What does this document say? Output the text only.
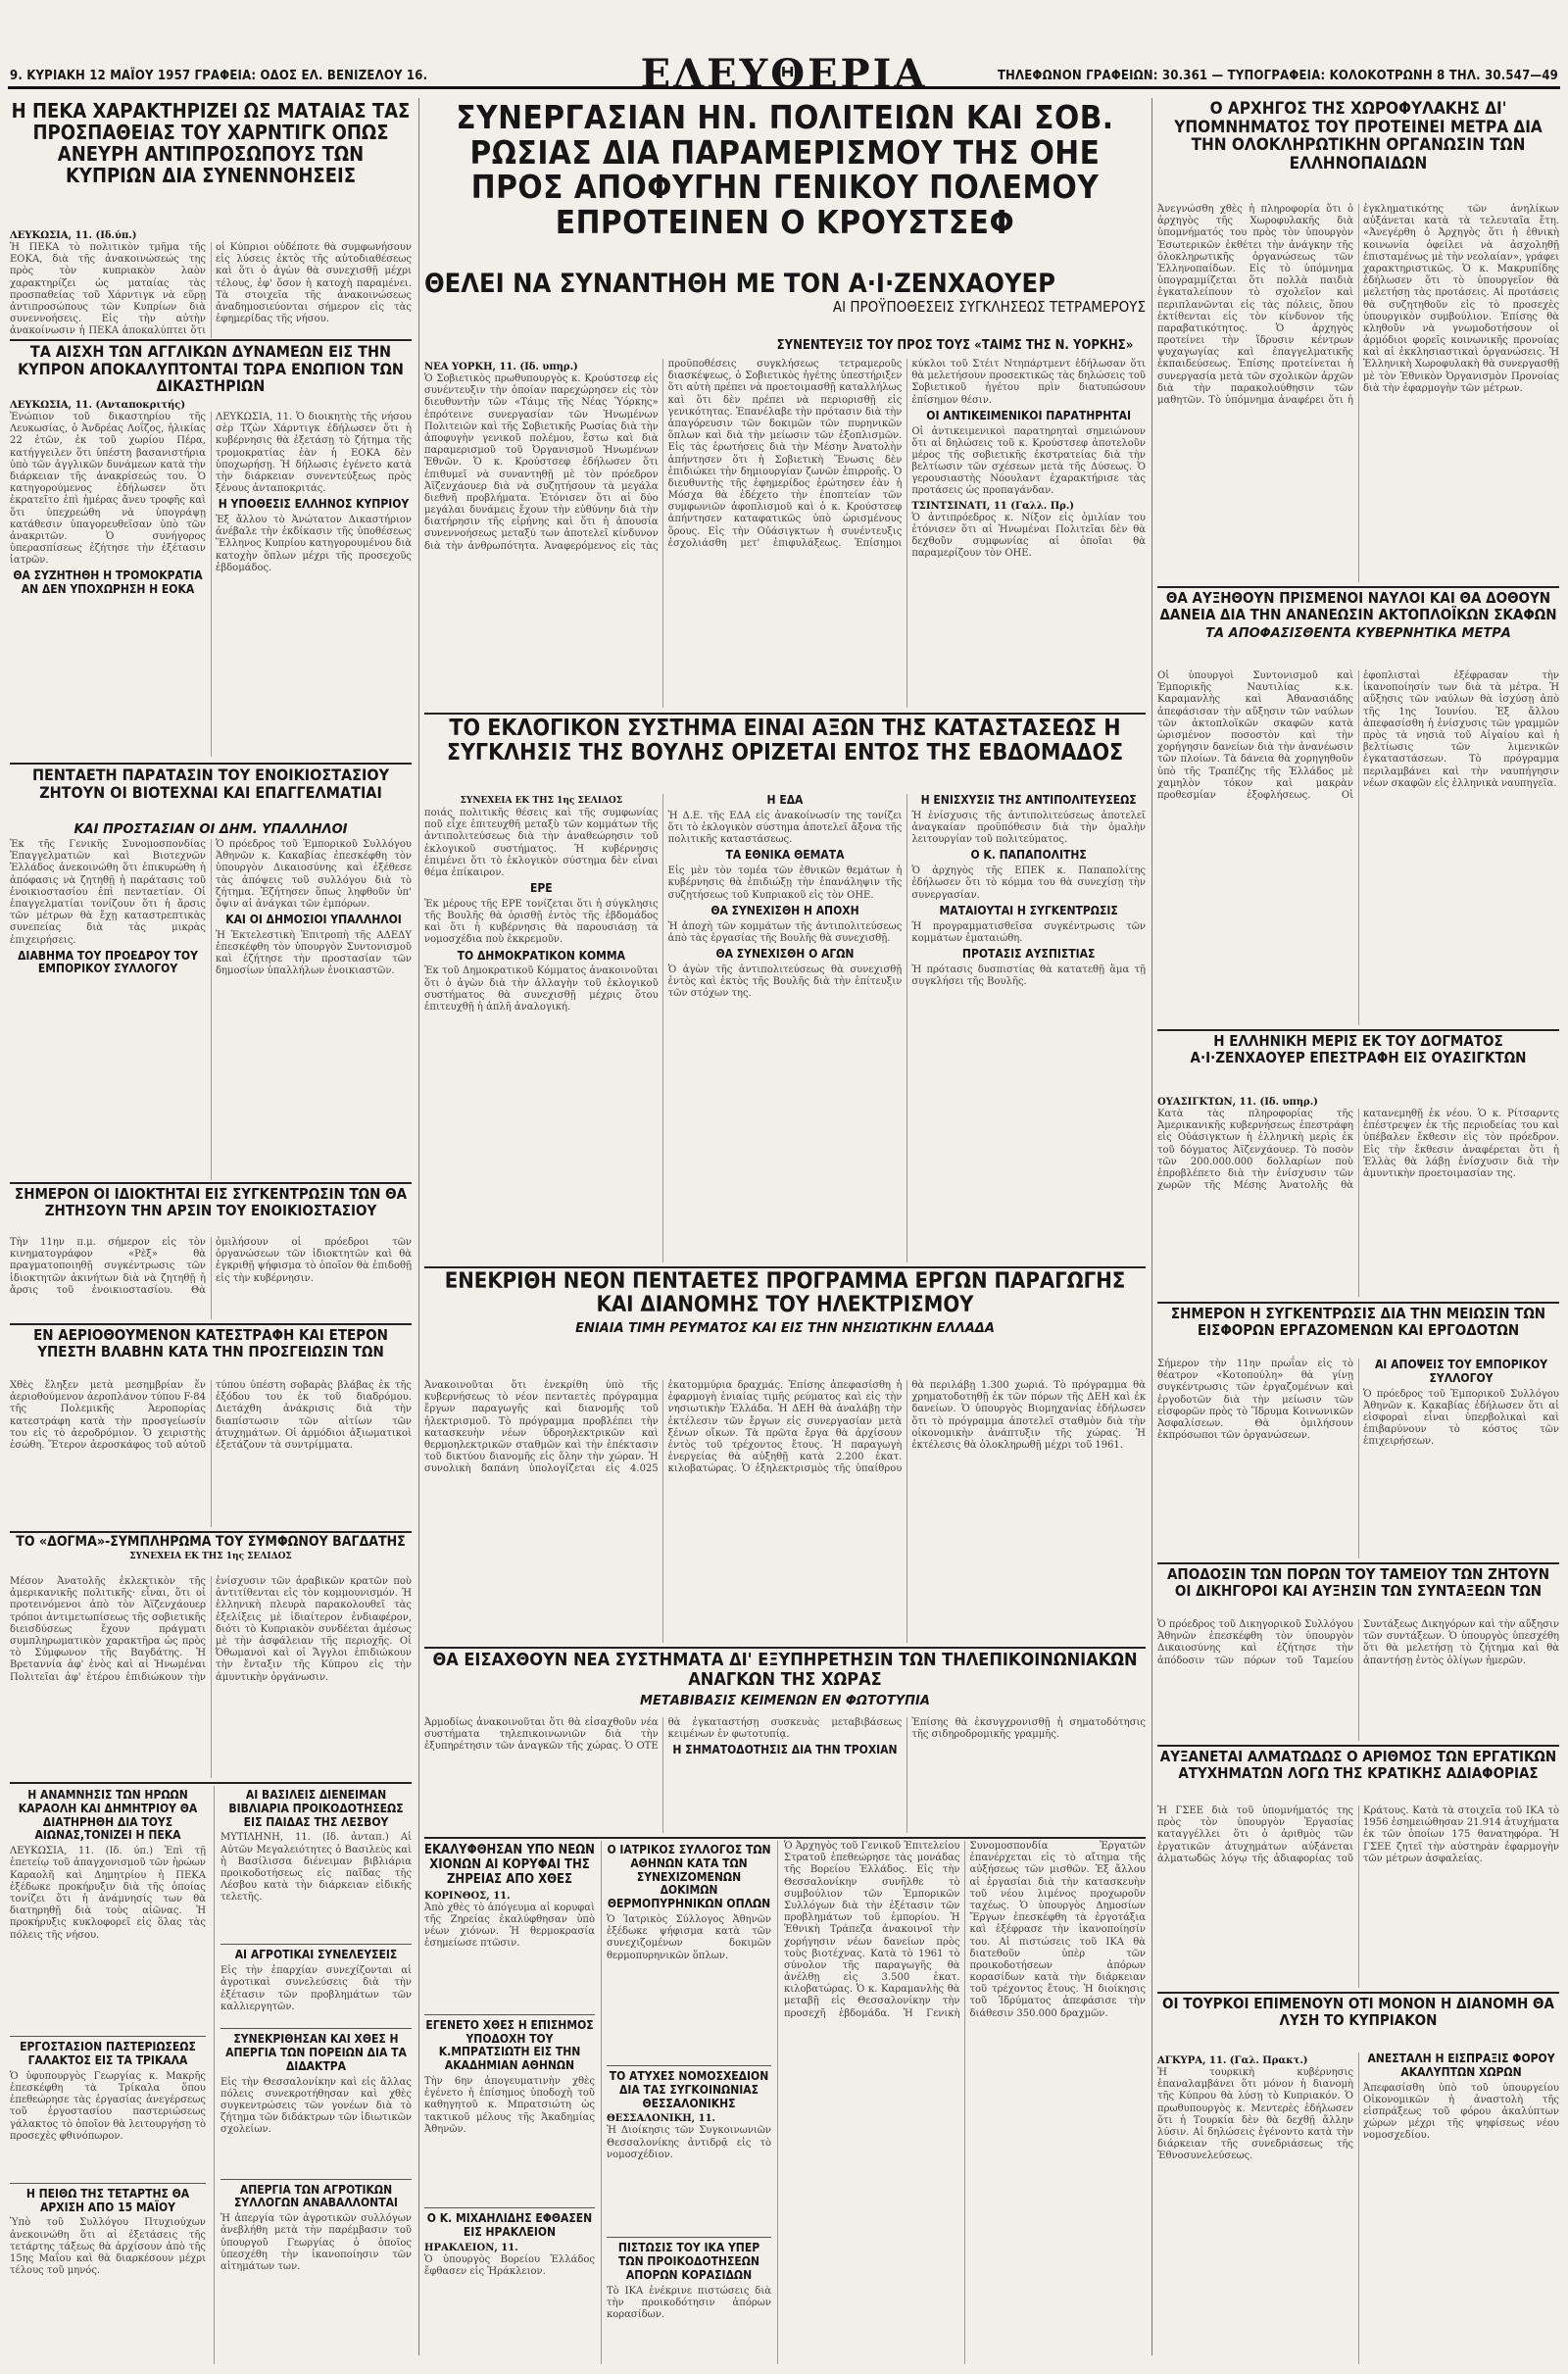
9. ΚΥΡΙΑΚΗ 12 ΜΑΪΟΥ 1957 ΓΡΑΦΕΙΑ: ΟΔΟΣ ΕΛ. ΒΕΝΙΖΕΛΟΥ 16.	ΕΛΕΥΘΕΡΙΑ	ΤΗΛΕΦΩΝΟΝ ΓΡΑΦΕΙΩΝ: 30.361 — ΤΥΠΟΓΡΑΦΕΙΑ: ΚΟΛΟΚΟΤΡΩΝΗ 8 ΤΗΛ. 30.547—49
Η ΠΕΚΑ ΧΑΡΑΚΤΗΡΙΖΕΙ ΩΣ ΜΑΤΑΙΑΣ ΤΑΣ ΠΡΟΣΠΑΘΕΙΑΣ ΤΟΥ ΧΑΡΝΤΙΓΚ ΟΠΩΣ ΑΝΕΥΡΗ ΑΝΤΙΠΡΟΣΩΠΟΥΣ ΤΩΝ ΚΥΠΡΙΩΝ ΔΙΑ ΣΥΝΕΝΝΟΗΣΕΙΣ
ΛΕΥΚΩΣΙΑ, 11. (Ιδ.ύπ.)
Ἡ ΠΕΚΑ τὸ πολιτικὸν τμῆμα τῆς ΕΟΚΑ, διὰ τῆς ἀνακοινώσεώς της πρὸς τὸν κυπριακὸν λαὸν χαρακτηρίζει ὡς ματαίας τὰς προσπαθείας τοῦ Χάρντιγκ νὰ εὕρῃ ἀντιπροσώπους τῶν Κυπρίων διὰ συνεννοήσεις. Εἰς τὴν αὐτὴν ἀνακοίνωσιν ἡ ΠΕΚΑ ἀποκαλύπτει ὅτι οἱ Κύπριοι οὐδέποτε θὰ συμφωνήσουν εἰς λύσεις ἐκτὸς τῆς αὐτοδιαθέσεως καὶ ὅτι ὁ ἀγὼν θὰ συνεχισθῇ μέχρι τέλους, ἐφ' ὅσον ἡ κατοχὴ παραμένει. Τὰ στοιχεῖα τῆς ἀνακοινώσεως ἀναδημοσιεύονται σήμερον εἰς τὰς ἐφημερίδας τῆς νήσου.
ΤΑ ΑΙΣΧΗ ΤΩΝ ΑΓΓΛΙΚΩΝ ΔΥΝΑΜΕΩΝ ΕΙΣ ΤΗΝ ΚΥΠΡΟΝ ΑΠΟΚΑΛΥΠΤΟΝΤΑΙ ΤΩΡΑ ΕΝΩΠΙΟΝ ΤΩΝ ΔΙΚΑΣΤΗΡΙΩΝ
ΛΕΥΚΩΣΙΑ, 11. (Ανταποκριτής)

Ἐνώπιον τοῦ δικαστηρίου τῆς Λευκωσίας, ὁ Ἀνδρέας Λοΐζος, ἡλικίας 22 ἐτῶν, ἐκ τοῦ χωρίου Πέρα, κατήγγειλεν ὅτι ὑπέστη βασανιστήρια ὑπὸ τῶν ἀγγλικῶν δυνάμεων κατὰ τὴν διάρκειαν τῆς ἀνακρίσεώς του. Ὁ κατηγορούμενος ἐδήλωσεν ὅτι ἐκρατεῖτο ἐπὶ ἡμέρας ἄνευ τροφῆς καὶ ὅτι ὑπεχρεώθη νὰ ὑπογράψῃ κατάθεσιν ὑπαγορευθεῖσαν ὑπὸ τῶν ἀνακριτῶν. Ὁ συνήγορος ὑπερασπίσεως ἐζήτησε τὴν ἐξέτασιν ἰατρῶν.

ΘΑ ΣΥΖΗΤΗΘΗ Η ΤΡΟΜΟΚΡΑΤΙΑ ΑΝ ΔΕΝ ΥΠΟΧΩΡΗΣΗ Η ΕΟΚΑ

ΛΕΥΚΩΣΙΑ, 11. Ὁ διοικητὴς τῆς νήσου σὲρ Τζὼν Χάρντιγκ ἐδήλωσεν ὅτι ἡ κυβέρνησις θὰ ἐξετάσῃ τὸ ζήτημα τῆς τρομοκρατίας ἐὰν ἡ ΕΟΚΑ δὲν ὑποχωρήσῃ. Ἡ δήλωσις ἐγένετο κατὰ τὴν διάρκειαν συνεντεύξεως πρὸς ξένους ἀνταποκριτάς.

Η ΥΠΟΘΕΣΙΣ ΕΛΛΗΝΟΣ ΚΥΠΡΙΟΥ

Ἐξ ἄλλου τὸ Ἀνώτατον Δικαστήριον ἀνέβαλε τὴν ἐκδίκασιν τῆς ὑποθέσεως Ἕλληνος Κυπρίου κατηγορουμένου διὰ κατοχὴν ὅπλων μέχρι τῆς προσεχοῦς ἑβδομάδος.

ΠΕΝΤΑΕΤΗ ΠΑΡΑΤΑΣΙΝ ΤΟΥ ΕΝΟΙΚΙΟΣΤΑΣΙΟΥ ΖΗΤΟΥΝ ΟΙ ΒΙΟΤΕΧΝΑΙ ΚΑΙ ΕΠΑΓΓΕΛΜΑΤΙΑΙ
ΚΑΙ ΠΡΟΣΤΑΣΙΑΝ ΟΙ ΔΗΜ. ΥΠΑΛΛΗΛΟΙ

Ἐκ τῆς Γενικῆς Συνομοσπονδίας Ἐπαγγελματιῶν καὶ Βιοτεχνῶν Ἑλλάδος ἀνεκοινώθη ὅτι ἐπικυρώθη ἡ ἀπόφασις νὰ ζητηθῇ ἡ παράτασις τοῦ ἐνοικιοστασίου ἐπὶ πενταετίαν. Οἱ ἐπαγγελματίαι τονίζουν ὅτι ἡ ἄρσις τῶν μέτρων θὰ ἔχῃ καταστρεπτικὰς συνεπείας διὰ τὰς μικρὰς ἐπιχειρήσεις.

ΔΙΑΒΗΜΑ ΤΟΥ ΠΡΟΕΔΡΟΥ ΤΟΥ ΕΜΠΟΡΙΚΟΥ ΣΥΛΛΟΓΟΥ

Ὁ πρόεδρος τοῦ Ἐμπορικοῦ Συλλόγου Ἀθηνῶν κ. Κακαβίας ἐπεσκέφθη τὸν ὑπουργὸν Δικαιοσύνης καὶ ἐξέθεσε τὰς ἀπόψεις τοῦ συλλόγου διὰ τὸ ζήτημα. Ἐζήτησεν ὅπως ληφθοῦν ὑπ' ὄψιν αἱ ἀνάγκαι τῶν ἐμπόρων.

ΚΑΙ ΟΙ ΔΗΜΟΣΙΟΙ ΥΠΑΛΛΗΛΟΙ

Ἡ Ἐκτελεστικὴ Ἐπιτροπὴ τῆς ΑΔΕΔΥ ἐπεσκέφθη τὸν ὑπουργὸν Συντονισμοῦ καὶ ἐζήτησε τὴν προστασίαν τῶν δημοσίων ὑπαλλήλων ἐνοικιαστῶν.

ΣΗΜΕΡΟΝ ΟΙ ΙΔΙΟΚΤΗΤΑΙ ΕΙΣ ΣΥΓΚΕΝΤΡΩΣΙΝ ΤΩΝ ΘΑ ΖΗΤΗΣΟΥΝ ΤΗΝ ΑΡΣΙΝ ΤΟΥ ΕΝΟΙΚΙΟΣΤΑΣΙΟΥ
Τὴν 11ην π.μ. σήμερον εἰς τὸν κινηματογράφον «Ρὲξ» θὰ πραγματοποιηθῇ συγκέντρωσις τῶν ἰδιοκτητῶν ἀκινήτων διὰ νὰ ζητηθῇ ἡ ἄρσις τοῦ ἐνοικιοστασίου. Θὰ ὁμιλήσουν οἱ πρόεδροι τῶν ὀργανώσεων τῶν ἰδιοκτητῶν καὶ θὰ ἐγκριθῇ ψήφισμα τὸ ὁποῖον θὰ ἐπιδοθῇ εἰς τὴν κυβέρνησιν.
ΕΝ ΑΕΡΙΟΘΟΥΜΕΝΟΝ ΚΑΤΕΣΤΡΑΦΗ ΚΑΙ ΕΤΕΡΟΝ ΥΠΕΣΤΗ ΒΛΑΒΗΝ ΚΑΤΑ ΤΗΝ ΠΡΟΣΓΕΙΩΣΙΝ ΤΩΝ
Χθὲς ἔληξεν μετὰ μεσημβρίαν ἕν ἀεριοθούμενον ἀεροπλάνον τύπου F-84 τῆς Πολεμικῆς Ἀεροπορίας κατεστράφη κατὰ τὴν προσγείωσίν του εἰς τὸ ἀεροδρόμιον. Ὁ χειριστὴς ἐσώθη. Ἕτερον ἀεροσκάφος τοῦ αὐτοῦ τύπου ὑπέστη σοβαρὰς βλάβας ἐκ τῆς ἐξόδου του ἐκ τοῦ διαδρόμου. Διετάχθη ἀνάκρισις διὰ τὴν διαπίστωσιν τῶν αἰτίων τῶν ἀτυχημάτων. Οἱ ἀρμόδιοι ἀξιωματικοὶ ἐξετάζουν τὰ συντρίμματα.
ΤΟ «ΔΟΓΜΑ»-ΣΥΜΠΛΗΡΩΜΑ ΤΟΥ ΣΥΜΦΩΝΟΥ ΒΑΓΔΑΤΗΣ
ΣΥΝΕΧΕΙΑ ΕΚ ΤΗΣ 1ης ΣΕΛΙΔΟΣ
Μέσον Ἀνατολῆς ἐκλεκτικὸν τῆς ἀμερικανικῆς πολιτικῆς· εἶναι, ὅτι οἱ προτεινόμενοι ἀπὸ τὸν Ἀϊζενχάουερ τρόποι ἀντιμετωπίσεως τῆς σοβιετικῆς διεισδύσεως ἔχουν πράγματι συμπληρωματικὸν χαρακτῆρα ὡς πρὸς τὸ Σύμφωνον τῆς Βαγδάτης. Ἡ Βρεταννία ἀφ' ἑνὸς καὶ αἱ Ἡνωμέναι Πολιτεῖαι ἀφ' ἑτέρου ἐπιδιώκουν τὴν ἐνίσχυσιν τῶν ἀραβικῶν κρατῶν ποὺ ἀντιτίθενται εἰς τὸν κομμουνισμόν. Ἡ ἑλληνικὴ πλευρὰ παρακολουθεῖ τὰς ἐξελίξεις μὲ ἰδιαίτερον ἐνδιαφέρον, διότι τὸ Κυπριακὸν συνδέεται ἀμέσως μὲ τὴν ἀσφάλειαν τῆς περιοχῆς. Οἱ Ὀθωμανοὶ καὶ οἱ Ἄγγλοι ἐπιδιώκουν τὴν ἔνταξιν τῆς Κύπρου εἰς τὴν ἀμυντικὴν ὀργάνωσιν.
Η ΑΝΑΜΝΗΣΙΣ ΤΩΝ ΗΡΩΩΝ ΚΑΡΑΟΛΗ ΚΑΙ ΔΗΜΗΤΡΙΟΥ ΘΑ ΔΙΑΤΗΡΗΘΗ ΔΙΑ ΤΟΥΣ ΑΙΩΝΑΣ,ΤΟΝΙΖΕΙ Η ΠΕΚΑ
ΛΕΥΚΩΣΙΑ, 11. (Ιδ. ύπ.) Ἐπὶ τῇ ἐπετείῳ τοῦ ἀπαγχονισμοῦ τῶν ἡρώων Καραολῆ καὶ Δημητρίου ἡ ΠΕΚΑ ἐξέδωκε προκήρυξιν διὰ τῆς ὁποίας τονίζει ὅτι ἡ ἀνάμνησίς των θὰ διατηρηθῇ διὰ τοὺς αἰῶνας. Ἡ προκήρυξις κυκλοφορεῖ εἰς ὅλας τὰς πόλεις τῆς νήσου.
ΕΡΓΟΣΤΑΣΙΟΝ ΠΑΣΤΕΡΙΩΣΕΩΣ ΓΑΛΑΚΤΟΣ ΕΙΣ ΤΑ ΤΡΙΚΑΛΑ
Ὁ ὑφυπουργὸς Γεωργίας κ. Μακρῆς ἐπεσκέφθη τὰ Τρίκαλα ὅπου ἐπεθεώρησε τὰς ἐργασίας ἀνεγέρσεως τοῦ ἐργοστασίου παστεριώσεως γάλακτος τὸ ὁποῖον θὰ λειτουργήσῃ τὸ προσεχὲς φθινόπωρον.
Η ΠΕΙΘΩ ΤΗΣ ΤΕΤΑΡΤΗΣ ΘΑ ΑΡΧΙΣΗ ΑΠΟ 15 ΜΑΪΟΥ
Ὑπὸ τοῦ Συλλόγου Πτυχιούχων ἀνεκοινώθη ὅτι αἱ ἐξετάσεις τῆς τετάρτης τάξεως θὰ ἀρχίσουν ἀπὸ τῆς 15ης Μαΐου καὶ θὰ διαρκέσουν μέχρι τέλους τοῦ μηνός.
ΑΙ ΒΑΣΙΛΕΙΣ ΔΙΕΝΕΙΜΑΝ ΒΙΒΛΙΑΡΙΑ ΠΡΟΙΚΟΔΟΤΗΣΕΩΣ ΕΙΣ ΠΑΙΔΑΣ ΤΗΣ ΛΕΣΒΟΥ
ΜΥΤΙΛΗΝΗ, 11. (Ιδ. ἀνταπ.) Αἱ Αὐτῶν Μεγαλειότητες ὁ Βασιλεὺς καὶ ἡ Βασίλισσα διένειμαν βιβλιάρια προικοδοτήσεως εἰς παῖδας τῆς Λέσβου κατὰ τὴν διάρκειαν εἰδικῆς τελετῆς.
ΑΙ ΑΓΡΟΤΙΚΑΙ ΣΥΝΕΛΕΥΣΕΙΣ
Εἰς τὴν ἐπαρχίαν συνεχίζονται αἱ ἀγροτικαὶ συνελεύσεις διὰ τὴν ἐξέτασιν τῶν προβλημάτων τῶν καλλιεργητῶν.
ΣΥΝΕΚΡΙΘΗΣΑΝ ΚΑΙ ΧΘΕΣ Η ΑΠΕΡΓΙΑ ΤΩΝ ΠΟΡΕΙΩΝ ΔΙΑ ΤΑ ΔΙΔΑΚΤΡΑ
Εἰς τὴν Θεσσαλονίκην καὶ εἰς ἄλλας πόλεις συνεκροτήθησαν καὶ χθὲς συγκεντρώσεις τῶν γονέων διὰ τὸ ζήτημα τῶν διδάκτρων τῶν ἰδιωτικῶν σχολείων.
ΑΠΕΡΓΙΑ ΤΩΝ ΑΓΡΟΤΙΚΩΝ ΣΥΛΛΟΓΩΝ ΑΝΑΒΑΛΛΟΝΤΑΙ
Ἡ ἀπεργία τῶν ἀγροτικῶν συλλόγων ἀνεβλήθη μετὰ τὴν παρέμβασιν τοῦ ὑπουργοῦ Γεωργίας ὁ ὁποῖος ὑπεσχέθη τὴν ἱκανοποίησιν τῶν αἰτημάτων των.
ΣΥΝΕΡΓΑΣΙΑΝ ΗΝ. ΠΟΛΙΤΕΙΩΝ ΚΑΙ ΣΟΒ. ΡΩΣΙΑΣ ΔΙΑ ΠΑΡΑΜΕΡΙΣΜΟΥ ΤΗΣ ΟΗΕ ΠΡΟΣ ΑΠΟΦΥΓΗΝ ΓΕΝΙΚΟΥ ΠΟΛΕΜΟΥ ΕΠΡΟΤΕΙΝΕΝ Ο ΚΡΟΥΣΤΣΕΦ
ΘΕΛΕΙ ΝΑ ΣΥΝΑΝΤΗΘΗ ΜΕ ΤΟΝ Α·Ι·ΖΕΝΧΑΟΥΕΡ
ΑΙ ΠΡΟΫΠΟΘΕΣΕΙΣ ΣΥΓΚΛΗΣΕΩΣ ΤΕΤΡΑΜΕΡΟΥΣ
ΣΥΝΕΝΤΕΥΞΙΣ ΤΟΥ ΠΡΟΣ ΤΟΥΣ «ΤΑΙΜΣ ΤΗΣ Ν. ΥΟΡΚΗΣ»
ΝΕΑ ΥΟΡΚΗ, 11. (Ιδ. υπηρ.)

Ὁ Σοβιετικὸς πρωθυπουργὸς κ. Κρούστσεφ εἰς συνέντευξιν τὴν ὁποίαν παρεχώρησεν εἰς τὸν διευθυντὴν τῶν «Τάιμς τῆς Νέας Ὑόρκης» ἐπρότεινε συνεργασίαν τῶν Ἡνωμένων Πολιτειῶν καὶ τῆς Σοβιετικῆς Ρωσίας διὰ τὴν ἀποφυγὴν γενικοῦ πολέμου, ἔστω καὶ διὰ παραμερισμοῦ τοῦ Ὀργανισμοῦ Ἡνωμένων Ἐθνῶν. Ὁ κ. Κρούστσεφ ἐδήλωσεν ὅτι ἐπιθυμεῖ νὰ συναντηθῇ μὲ τὸν πρόεδρον Ἀϊζενχάουερ διὰ νὰ συζητήσουν τὰ μεγάλα διεθνῆ προβλήματα. Ἐτόνισεν ὅτι αἱ δύο μεγάλαι δυνάμεις ἔχουν τὴν εὐθύνην διὰ τὴν διατήρησιν τῆς εἰρήνης καὶ ὅτι ἡ ἀπουσία συνεννοήσεως μεταξύ των ἀποτελεῖ κίνδυνον διὰ τὴν ἀνθρωπότητα. Ἀναφερόμενος εἰς τὰς προϋποθέσεις συγκλήσεως τετραμεροῦς διασκέψεως, ὁ Σοβιετικὸς ἡγέτης ὑπεστήριξεν ὅτι αὐτὴ πρέπει νὰ προετοιμασθῇ καταλλήλως καὶ ὅτι δὲν πρέπει νὰ περιορισθῇ εἰς γενικότητας. Ἐπανέλαβε τὴν πρότασιν διὰ τὴν ἀπαγόρευσιν τῶν δοκιμῶν τῶν πυρηνικῶν ὅπλων καὶ διὰ τὴν μείωσιν τῶν ἐξοπλισμῶν. Εἰς τὰς ἐρωτήσεις διὰ τὴν Μέσην Ἀνατολὴν ἀπήντησεν ὅτι ἡ Σοβιετικὴ Ἕνωσις δὲν ἐπιδιώκει τὴν δημιουργίαν ζωνῶν ἐπιρροῆς. Ὁ διευθυντὴς τῆς ἐφημερίδος ἐρώτησεν ἐὰν ἡ Μόσχα θὰ ἐδέχετο τὴν ἐποπτείαν τῶν συμφωνιῶν ἀφοπλισμοῦ καὶ ὁ κ. Κρούστσεφ ἀπήντησεν καταφατικῶς ὑπὸ ὡρισμένους ὅρους. Εἰς τὴν Οὐάσιγκτων ἡ συνέντευξις ἐσχολιάσθη μετ' ἐπιφυλάξεως. Ἐπίσημοι κύκλοι τοῦ Στέιτ Ντηπάρτμεντ ἐδήλωσαν ὅτι θὰ μελετήσουν προσεκτικῶς τὰς δηλώσεις τοῦ Σοβιετικοῦ ἡγέτου πρὶν διατυπώσουν ἐπίσημον θέσιν.

ΟΙ ΑΝΤΙΚΕΙΜΕΝΙΚΟΙ ΠΑΡΑΤΗΡΗΤΑΙ

Οἱ ἀντικειμενικοὶ παρατηρηταὶ σημειώνουν ὅτι αἱ δηλώσεις τοῦ κ. Κρούστσεφ ἀποτελοῦν μέρος τῆς σοβιετικῆς ἐκστρατείας διὰ τὴν βελτίωσιν τῶν σχέσεων μετὰ τῆς Δύσεως. Ὁ γερουσιαστὴς Νόουλαντ ἐχαρακτήρισε τὰς προτάσεις ὡς προπαγάνδαν.

ΤΣΙΝΤΣΙΝΑΤΙ, 11 (Γαλλ. Πρ.)

Ὁ ἀντιπρόεδρος κ. Νίξον εἰς ὁμιλίαν του ἐτόνισεν ὅτι αἱ Ἡνωμέναι Πολιτεῖαι δὲν θὰ δεχθοῦν συμφωνίας αἱ ὁποῖαι θὰ παραμερίζουν τὸν ΟΗΕ.

Ο ΑΡΧΗΓΟΣ ΤΗΣ ΧΩΡΟΦΥΛΑΚΗΣ ΔΙ' ΥΠΟΜΝΗΜΑΤΟΣ ΤΟΥ ΠΡΟΤΕΙΝΕΙ ΜΕΤΡΑ ΔΙΑ ΤΗΝ ΟΛΟΚΛΗΡΩΤΙΚΗΝ ΟΡΓΑΝΩΣΙΝ ΤΩΝ ΕΛΛΗΝΟΠΑΙΔΩΝ
Ἀνεγνώσθη χθὲς ἡ πληροφορία ὅτι ὁ ἀρχηγὸς τῆς Χωροφυλακῆς διὰ ὑπομνήματός του πρὸς τὸν ὑπουργὸν Ἐσωτερικῶν ἐκθέτει τὴν ἀνάγκην τῆς ὁλοκληρωτικῆς ὀργανώσεως τῶν Ἑλληνοπαίδων. Εἰς τὸ ὑπόμνημα ὑπογραμμίζεται ὅτι πολλὰ παιδιὰ ἐγκαταλείπουν τὸ σχολεῖον καὶ περιπλανῶνται εἰς τὰς πόλεις, ὅπου ἐκτίθενται εἰς τὸν κίνδυνον τῆς παραβατικότητος. Ὁ ἀρχηγὸς προτείνει τὴν ἵδρυσιν κέντρων ψυχαγωγίας καὶ ἐπαγγελματικῆς ἐκπαιδεύσεως. Ἐπίσης προτείνεται ἡ συνεργασία μετὰ τῶν σχολικῶν ἀρχῶν διὰ τὴν παρακολούθησιν τῶν μαθητῶν. Τὸ ὑπόμνημα ἀναφέρει ὅτι ἡ ἐγκληματικότης τῶν ἀνηλίκων αὐξάνεται κατὰ τὰ τελευταῖα ἔτη. «Ἀνεγέρθη ὁ Ἀρχηγὸς ὅτι ἡ ἐθνικὴ κοινωνία ὀφείλει νὰ ἀσχοληθῇ ἐπισταμένως μὲ τὴν νεολαίαν», γράφει χαρακτηριστικῶς. Ὁ κ. Μακρυπίδης ἐδήλωσεν ὅτι τὸ ὑπουργεῖον θὰ μελετήσῃ τὰς προτάσεις. Αἱ προτάσεις θὰ συζητηθοῦν εἰς τὸ προσεχὲς ὑπουργικὸν συμβούλιον. Ἐπίσης θὰ κληθοῦν νὰ γνωμοδοτήσουν οἱ ἀρμόδιοι φορεῖς κοινωνικῆς προνοίας καὶ αἱ ἐκκλησιαστικαὶ ὀργανώσεις. Ἡ Ἑλληνικὴ Χωροφυλακὴ θὰ συνεργασθῇ μὲ τὸν Ἐθνικὸν Ὀργανισμὸν Προνοίας διὰ τὴν ἐφαρμογὴν τῶν μέτρων.
ΘΑ ΑΥΞΗΘΟΥΝ ΠΡΙΣΜΕΝΟΙ ΝΑΥΛΟΙ ΚΑΙ ΘΑ ΔΟΘΟΥΝ ΔΑΝΕΙΑ ΔΙΑ ΤΗΝ ΑΝΑΝΕΩΣΙΝ ΑΚΤΟΠΛΟΪΚΩΝ ΣΚΑΦΩΝ
ΤΑ ΑΠΟΦΑΣΙΣΘΕΝΤΑ ΚΥΒΕΡΝΗΤΙΚΑ ΜΕΤΡΑ
Οἱ ὑπουργοὶ Συντονισμοῦ καὶ Ἐμπορικῆς Ναυτιλίας κ.κ. Καραμανλὴς καὶ Ἀθανασιάδης ἀπεφάσισαν τὴν αὔξησιν τῶν ναύλων τῶν ἀκτοπλοϊκῶν σκαφῶν κατὰ ὡρισμένον ποσοστὸν καὶ τὴν χορήγησιν δανείων διὰ τὴν ἀνανέωσιν τῶν πλοίων. Τὰ δάνεια θὰ χορηγηθοῦν ὑπὸ τῆς Τραπέζης τῆς Ἑλλάδος μὲ χαμηλὸν τόκον καὶ μακρὰν προθεσμίαν ἐξοφλήσεως. Οἱ ἐφοπλισταὶ ἐξέφρασαν τὴν ἱκανοποίησίν των διὰ τὰ μέτρα. Ἡ αὔξησις τῶν ναύλων θὰ ἰσχύσῃ ἀπὸ τῆς 1ης Ἰουνίου. Ἐξ ἄλλου ἀπεφασίσθη ἡ ἐνίσχυσις τῶν γραμμῶν πρὸς τὰ νησιὰ τοῦ Αἰγαίου καὶ ἡ βελτίωσις τῶν λιμενικῶν ἐγκαταστάσεων. Τὸ πρόγραμμα περιλαμβάνει καὶ τὴν ναυπήγησιν νέων σκαφῶν εἰς ἑλληνικὰ ναυπηγεῖα.
Η ΕΛΛΗΝΙΚΗ ΜΕΡΙΣ ΕΚ ΤΟΥ ΔΟΓΜΑΤΟΣ Α·Ι·ΖΕΝΧΑΟΥΕΡ ΕΠΕΣΤΡΑΦΗ ΕΙΣ ΟΥΑΣΙΓΚΤΩΝ
ΟΥΑΣΙΓΚΤΩΝ, 11. (Ιδ. υπηρ.)
Κατὰ τὰς πληροφορίας τῆς Ἀμερικανικῆς κυβερνήσεως ἐπεστράφη εἰς Οὐάσιγκτων ἡ ἑλληνικὴ μερὶς ἐκ τοῦ δόγματος Ἀϊζενχάουερ. Τὸ ποσὸν τῶν 200.000.000 δολλαρίων ποὺ ἐπροβλέπετο διὰ τὴν ἐνίσχυσιν τῶν χωρῶν τῆς Μέσης Ἀνατολῆς θὰ κατανεμηθῇ ἐκ νέου. Ὁ κ. Ρίτσαρντς ἐπέστρεψεν ἐκ τῆς περιοδείας του καὶ ὑπέβαλεν ἔκθεσιν εἰς τὸν πρόεδρον. Εἰς τὴν ἔκθεσιν ἀναφέρεται ὅτι ἡ Ἑλλὰς θὰ λάβῃ ἐνίσχυσιν διὰ τὴν ἀμυντικὴν προετοιμασίαν της.
ΣΗΜΕΡΟΝ Η ΣΥΓΚΕΝΤΡΩΣΙΣ ΔΙΑ ΤΗΝ ΜΕΙΩΣΙΝ ΤΩΝ ΕΙΣΦΟΡΩΝ ΕΡΓΑΖΟΜΕΝΩΝ ΚΑΙ ΕΡΓΟΔΟΤΩΝ

Σήμερον τὴν 11ην πρωΐαν εἰς τὸ θέατρον «Κοτοπούλη» θὰ γίνῃ συγκέντρωσις τῶν ἐργαζομένων καὶ ἐργοδοτῶν διὰ τὴν μείωσιν τῶν εἰσφορῶν πρὸς τὸ Ἵδρυμα Κοινωνικῶν Ἀσφαλίσεων. Θὰ ὁμιλήσουν ἐκπρόσωποι τῶν ὀργανώσεων.

ΑΙ ΑΠΟΨΕΙΣ ΤΟΥ ΕΜΠΟΡΙΚΟΥ ΣΥΛΛΟΓΟΥ

Ὁ πρόεδρος τοῦ Ἐμπορικοῦ Συλλόγου Ἀθηνῶν κ. Κακαβίας ἐδήλωσεν ὅτι αἱ εἰσφοραὶ εἶναι ὑπερβολικαὶ καὶ ἐπιβαρύνουν τὸ κόστος τῶν ἐπιχειρήσεων.

ΑΠΟΔΟΣΙΝ ΤΩΝ ΠΟΡΩΝ ΤΟΥ ΤΑΜΕΙΟΥ ΤΩΝ ΖΗΤΟΥΝ ΟΙ ΔΙΚΗΓΟΡΟΙ ΚΑΙ ΑΥΞΗΣΙΝ ΤΩΝ ΣΥΝΤΑΞΕΩΝ ΤΩΝ
Ὁ πρόεδρος τοῦ Δικηγορικοῦ Συλλόγου Ἀθηνῶν ἐπεσκέφθη τὸν ὑπουργὸν Δικαιοσύνης καὶ ἐζήτησε τὴν ἀπόδοσιν τῶν πόρων τοῦ Ταμείου Συντάξεως Δικηγόρων καὶ τὴν αὔξησιν τῶν συντάξεων. Ὁ ὑπουργὸς ὑπεσχέθη ὅτι θὰ μελετήσῃ τὸ ζήτημα καὶ θὰ ἀπαντήσῃ ἐντὸς ὀλίγων ἡμερῶν.
ΑΥΞΑΝΕΤΑΙ ΑΛΜΑΤΩΔΩΣ Ο ΑΡΙΘΜΟΣ ΤΩΝ ΕΡΓΑΤΙΚΩΝ ΑΤΥΧΗΜΑΤΩΝ ΛΟΓΩ ΤΗΣ ΚΡΑΤΙΚΗΣ ΑΔΙΑΦΟΡΙΑΣ
Ἡ ΓΣΕΕ διὰ τοῦ ὑπομνήματός της πρὸς τὸν ὑπουργὸν Ἐργασίας καταγγέλλει ὅτι ὁ ἀριθμὸς τῶν ἐργατικῶν ἀτυχημάτων αὐξάνεται ἀλματωδῶς λόγῳ τῆς ἀδιαφορίας τοῦ Κράτους. Κατὰ τὰ στοιχεῖα τοῦ ΙΚΑ τὸ 1956 ἐσημειώθησαν 21.914 ἀτυχήματα ἐκ τῶν ὁποίων 175 θανατηφόρα. Ἡ ΓΣΕΕ ζητεῖ τὴν αὐστηρὰν ἐφαρμογὴν τῶν μέτρων ἀσφαλείας.
ΟΙ ΤΟΥΡΚΟΙ ΕΠΙΜΕΝΟΥΝ ΟΤΙ ΜΟΝΟΝ Η ΔΙΑΝΟΜΗ ΘΑ ΛΥΣΗ ΤΟ ΚΥΠΡΙΑΚΟΝ
ΑΓΚΥΡΑ, 11. (Γαλ. Πρακτ.)

Ἡ τουρκικὴ κυβέρνησις ἐπαναλαμβάνει ὅτι μόνον ἡ διανομὴ τῆς Κύπρου θὰ λύσῃ τὸ Κυπριακόν. Ὁ πρωθυπουργὸς κ. Μεντερὲς ἐδήλωσεν ὅτι ἡ Τουρκία δὲν θὰ δεχθῇ ἄλλην λύσιν. Αἱ δηλώσεις ἐγένοντο κατὰ τὴν διάρκειαν τῆς συνεδριάσεως τῆς Ἐθνοσυνελεύσεως.

ΑΝΕΣΤΑΛΗ Η ΕΙΣΠΡΑΞΙΣ ΦΟΡΟΥ ΑΚΑΛΥΠΤΩΝ ΧΩΡΩΝ

Ἀπεφασίσθη ὑπὸ τοῦ ὑπουργείου Οἰκονομικῶν ἡ ἀναστολὴ τῆς εἰσπράξεως τοῦ φόρου ἀκαλύπτων χώρων μέχρι τῆς ψηφίσεως νέου νομοσχεδίου.

ΤΟ ΕΚΛΟΓΙΚΟΝ ΣΥΣΤΗΜΑ ΕΙΝΑΙ ΑΞΩΝ ΤΗΣ ΚΑΤΑΣΤΑΣΕΩΣ Η ΣΥΓΚΛΗΣΙΣ ΤΗΣ ΒΟΥΛΗΣ ΟΡΙΖΕΤΑΙ ΕΝΤΟΣ ΤΗΣ ΕΒΔΟΜΑΔΟΣ
ΣΥΝΕΧΕΙΑ ΕΚ ΤΗΣ 1ης ΣΕΛΙΔΟΣ

ποιάς πολιτικῆς θέσεις καὶ τῆς συμφωνίας ποῦ εἶχε ἐπιτευχθῆ μεταξὺ τῶν κομμάτων τῆς ἀντιπολιτεύσεως διὰ τὴν ἀναθεώρησιν τοῦ ἐκλογικοῦ συστήματος. Ἡ κυβέρνησις ἐπιμένει ὅτι τὸ ἐκλογικὸν σύστημα δὲν εἶναι θέμα ἐπίκαιρον.

ΕΡΕ

Ἐκ μέρους τῆς ΕΡΕ τονίζεται ὅτι ἡ σύγκλησις τῆς Βουλῆς θὰ ὁρισθῇ ἐντὸς τῆς ἑβδομάδος καὶ ὅτι ἡ κυβέρνησις θὰ παρουσιάσῃ τὰ νομοσχέδια ποὺ ἐκκρεμοῦν.

ΤΟ ΔΗΜΟΚΡΑΤΙΚΟΝ ΚΟΜΜΑ

Ἐκ τοῦ Δημοκρατικοῦ Κόμματος ἀνακοινοῦται ὅτι ὁ ἀγὼν διὰ τὴν ἀλλαγὴν τοῦ ἐκλογικοῦ συστήματος θὰ συνεχισθῇ μέχρις ὅτου ἐπιτευχθῇ ἡ ἀπλῆ ἀναλογική.

Η ΕΔΑ

Ἡ Δ.Ε. τῆς ΕΔΑ εἰς ἀνακοίνωσίν της τονίζει ὅτι τὸ ἐκλογικὸν σύστημα ἀποτελεῖ ἄξονα τῆς πολιτικῆς καταστάσεως.

ΤΑ ΕΘΝΙΚΑ ΘΕΜΑΤΑ

Εἰς μὲν τὸν τομέα τῶν ἐθνικῶν θεμάτων ἡ κυβέρνησις θὰ ἐπιδιώξῃ τὴν ἐπανάληψιν τῆς συζητήσεως τοῦ Κυπριακοῦ εἰς τὸν ΟΗΕ.

ΘΑ ΣΥΝΕΧΙΣΘΗ Η ΑΠΟΧΗ

Ἡ ἀποχὴ τῶν κομμάτων τῆς ἀντιπολιτεύσεως ἀπὸ τὰς ἐργασίας τῆς Βουλῆς θὰ συνεχισθῇ.

ΘΑ ΣΥΝΕΧΙΣΘΗ Ο ΑΓΩΝ

Ὁ ἀγὼν τῆς ἀντιπολιτεύσεως θὰ συνεχισθῇ ἐντὸς καὶ ἐκτὸς τῆς Βουλῆς διὰ τὴν ἐπίτευξιν τῶν στόχων της.

Η ΕΝΙΣΧΥΣΙΣ ΤΗΣ ΑΝΤΙΠΟΛΙΤΕΥΣΕΩΣ

Ἡ ἐνίσχυσις τῆς ἀντιπολιτεύσεως ἀποτελεῖ ἀναγκαίαν προϋπόθεσιν διὰ τὴν ὁμαλὴν λειτουργίαν τοῦ πολιτεύματος.

Ο Κ. ΠΑΠΑΠΟΛΙΤΗΣ

Ὁ ἀρχηγὸς τῆς ΕΠΕΚ κ. Παπαπολίτης ἐδήλωσεν ὅτι τὸ κόμμα του θὰ συνεχίσῃ τὴν συνεργασίαν.

ΜΑΤΑΙΟΥΤΑΙ Η ΣΥΓΚΕΝΤΡΩΣΙΣ

Ἡ προγραμματισθεῖσα συγκέντρωσις τῶν κομμάτων ἐματαιώθη.

ΠΡΟΤΑΣΙΣ ΑΥΣΠΙΣΤΙΑΣ

Ἡ πρότασις δυσπιστίας θὰ κατατεθῇ ἅμα τῇ συγκλήσει τῆς Βουλῆς.

ΕΝΕΚΡΙΘΗ ΝΕΟΝ ΠΕΝΤΑΕΤΕΣ ΠΡΟΓΡΑΜΜΑ ΕΡΓΩΝ ΠΑΡΑΓΩΓΗΣ ΚΑΙ ΔΙΑΝΟΜΗΣ ΤΟΥ ΗΛΕΚΤΡΙΣΜΟΥ
ΕΝΙΑΙΑ ΤΙΜΗ ΡΕΥΜΑΤΟΣ ΚΑΙ ΕΙΣ ΤΗΝ ΝΗΣΙΩΤΙΚΗΝ ΕΛΛΑΔΑ
Ἀνακοινοῦται ὅτι ἐνεκρίθη ὑπὸ τῆς κυβερνήσεως τὸ νέον πενταετὲς πρόγραμμα ἔργων παραγωγῆς καὶ διανομῆς τοῦ ἠλεκτρισμοῦ. Τὸ πρόγραμμα προβλέπει τὴν κατασκευὴν νέων ὑδροηλεκτρικῶν καὶ θερμοηλεκτρικῶν σταθμῶν καὶ τὴν ἐπέκτασιν τοῦ δικτύου διανομῆς εἰς ὅλην τὴν χώραν. Ἡ συνολικὴ δαπάνη ὑπολογίζεται εἰς 4.025 ἑκατομμύρια δραχμάς. Ἐπίσης ἀπεφασίσθη ἡ ἐφαρμογὴ ἑνιαίας τιμῆς ρεύματος καὶ εἰς τὴν νησιωτικὴν Ἑλλάδα. Ἡ ΔΕΗ θὰ ἀναλάβῃ τὴν ἐκτέλεσιν τῶν ἔργων εἰς συνεργασίαν μετὰ ξένων οἴκων. Τὰ πρῶτα ἔργα θὰ ἀρχίσουν ἐντὸς τοῦ τρέχοντος ἔτους. Ἡ παραγωγὴ ἐνεργείας θὰ αὐξηθῇ κατὰ 2.200 ἑκατ. κιλοβατώρας. Ὁ ἐξηλεκτρισμὸς τῆς ὑπαίθρου θὰ περιλάβῃ 1.300 χωριά. Τὸ πρόγραμμα θὰ χρηματοδοτηθῇ ἐκ τῶν πόρων τῆς ΔΕΗ καὶ ἐκ δανείων. Ὁ ὑπουργὸς Βιομηχανίας ἐδήλωσεν ὅτι τὸ πρόγραμμα ἀποτελεῖ σταθμὸν διὰ τὴν οἰκονομικὴν ἀνάπτυξιν τῆς χώρας. Ἡ ἐκτέλεσις θὰ ὁλοκληρωθῇ μέχρι τοῦ 1961.
ΘΑ ΕΙΣΑΧΘΟΥΝ ΝΕΑ ΣΥΣΤΗΜΑΤΑ ΔΙ' ΕΞΥΠΗΡΕΤΗΣΙΝ ΤΩΝ ΤΗΛΕΠΙΚΟΙΝΩΝΙΑΚΩΝ ΑΝΑΓΚΩΝ ΤΗΣ ΧΩΡΑΣ
ΜΕΤΑΒΙΒΑΣΙΣ ΚΕΙΜΕΝΩΝ ΕΝ ΦΩΤΟΤΥΠΙΑ

Ἀρμοδίως ἀνακοινοῦται ὅτι θὰ εἰσαχθοῦν νέα συστήματα τηλεπικοινωνιῶν διὰ τὴν ἐξυπηρέτησιν τῶν ἀναγκῶν τῆς χώρας. Ὁ ΟΤΕ θὰ ἐγκαταστήσῃ συσκευὰς μεταβιβάσεως κειμένων ἐν φωτοτυπίᾳ.

Η ΣΗΜΑΤΟΔΟΤΗΣΙΣ ΔΙΑ ΤΗΝ ΤΡΟΧΙΑΝ

Ἐπίσης θὰ ἐκσυγχρονισθῇ ἡ σηματοδότησις τῆς σιδηροδρομικῆς γραμμῆς.

ΕΚΑΛΥΦΘΗΣΑΝ ΥΠΟ ΝΕΩΝ ΧΙΟΝΩΝ ΑΙ ΚΟΡΥΦΑΙ ΤΗΣ ΖΗΡΕΙΑΣ ΑΠΟ ΧΘΕΣ
ΚΟΡΙΝΘΟΣ, 11.
Ἀπὸ χθὲς τὸ ἀπόγευμα αἱ κορυφαὶ τῆς Ζηρείας ἐκαλύφθησαν ὑπὸ νέων χιόνων. Ἡ θερμοκρασία ἐσημείωσε πτῶσιν.
ΕΓΕΝΕΤΟ ΧΘΕΣ Η ΕΠΙΣΗΜΟΣ ΥΠΟΔΟΧΗ ΤΟΥ Κ.ΜΠΡΑΤΣΙΩΤΗ ΕΙΣ ΤΗΝ ΑΚΑΔΗΜΙΑΝ ΑΘΗΝΩΝ
Τὴν 6ην ἀπογευματινὴν χθὲς ἐγένετο ἡ ἐπίσημος ὑποδοχὴ τοῦ καθηγητοῦ κ. Μπρατσιώτη ὡς τακτικοῦ μέλους τῆς Ἀκαδημίας Ἀθηνῶν.
Ο Κ. ΜΙΧΑΗΛΙΔΗΣ ΕΦΘΑΣΕΝ ΕΙΣ ΗΡΑΚΛΕΙΟΝ
ΗΡΑΚΛΕΙΟΝ, 11.
Ὁ ὑπουργὸς Βορείου Ἑλλάδος ἔφθασεν εἰς Ἡράκλειον.
Ο ΙΑΤΡΙΚΟΣ ΣΥΛΛΟΓΟΣ ΤΩΝ ΑΘΗΝΩΝ ΚΑΤΑ ΤΩΝ ΣΥΝΕΧΙΖΟΜΕΝΩΝ ΔΟΚΙΜΩΝ ΘΕΡΜΟΠΥΡΗΝΙΚΩΝ ΟΠΛΩΝ
Ὁ Ἰατρικὸς Σύλλογος Ἀθηνῶν ἐξέδωκε ψήφισμα κατὰ τῶν συνεχιζομένων δοκιμῶν θερμοπυρηνικῶν ὅπλων.
ΤΟ ΑΤΥΧΕΣ ΝΟΜΟΣΧΕΔΙΟΝ ΔΙΑ ΤΑΣ ΣΥΓΚΟΙΝΩΝΙΑΣ ΘΕΣΣΑΛΟΝΙΚΗΣ
ΘΕΣΣΑΛΟΝΙΚΗ, 11.
Ἡ Διοίκησις τῶν Συγκοινωνιῶν Θεσσαλονίκης ἀντιδρᾷ εἰς τὸ νομοσχέδιον.
ΠΙΣΤΩΣΙΣ ΤΟΥ ΙΚΑ ΥΠΕΡ ΤΩΝ ΠΡΟΙΚΟΔΟΤΗΣΕΩΝ ΑΠΟΡΩΝ ΚΟΡΑΣΙΔΩΝ
Τὸ ΙΚΑ ἐνέκρινε πιστώσεις διὰ τὴν προικοδότησιν ἀπόρων κορασίδων.
Ὁ Ἀρχηγὸς τοῦ Γενικοῦ Ἐπιτελείου Στρατοῦ ἐπεθεώρησε τὰς μονάδας τῆς Βορείου Ἑλλάδος. Εἰς τὴν Θεσσαλονίκην συνῆλθε τὸ συμβούλιον τῶν Ἐμπορικῶν Συλλόγων διὰ τὴν ἐξέτασιν τῶν προβλημάτων τοῦ ἐμπορίου. Ἡ Ἐθνικὴ Τράπεζα ἀνακοινοῖ τὴν χορήγησιν νέων δανείων πρὸς τοὺς βιοτέχνας. Κατὰ τὸ 1961 τὸ σύνολον τῆς παραγωγῆς θὰ ἀνέλθῃ εἰς 3.500 ἑκατ. κιλοβατώρας. Ὁ κ. Καραμανλὴς θὰ μεταβῇ εἰς Θεσσαλονίκην τὴν προσεχῆ ἑβδομάδα. Ἡ Γενικὴ Συνομοσπονδία Ἐργατῶν ἐπανέρχεται εἰς τὸ αἴτημα τῆς αὐξήσεως τῶν μισθῶν. Ἐξ ἄλλου αἱ ἐργασίαι διὰ τὴν κατασκευὴν τοῦ νέου λιμένος προχωροῦν ταχέως. Ὁ ὑπουργὸς Δημοσίων Ἔργων ἐπεσκέφθη τὰ ἐργοτάξια καὶ ἐξέφρασε τὴν ἱκανοποίησίν του. Αἱ πιστώσεις τοῦ ΙΚΑ θὰ διατεθοῦν ὑπὲρ τῶν προικοδοτήσεων ἀπόρων κορασίδων κατὰ τὴν διάρκειαν τοῦ τρέχοντος ἔτους. Ἡ διοίκησις τοῦ Ἱδρύματος ἀπεφάσισε τὴν διάθεσιν 350.000 δραχμῶν.
